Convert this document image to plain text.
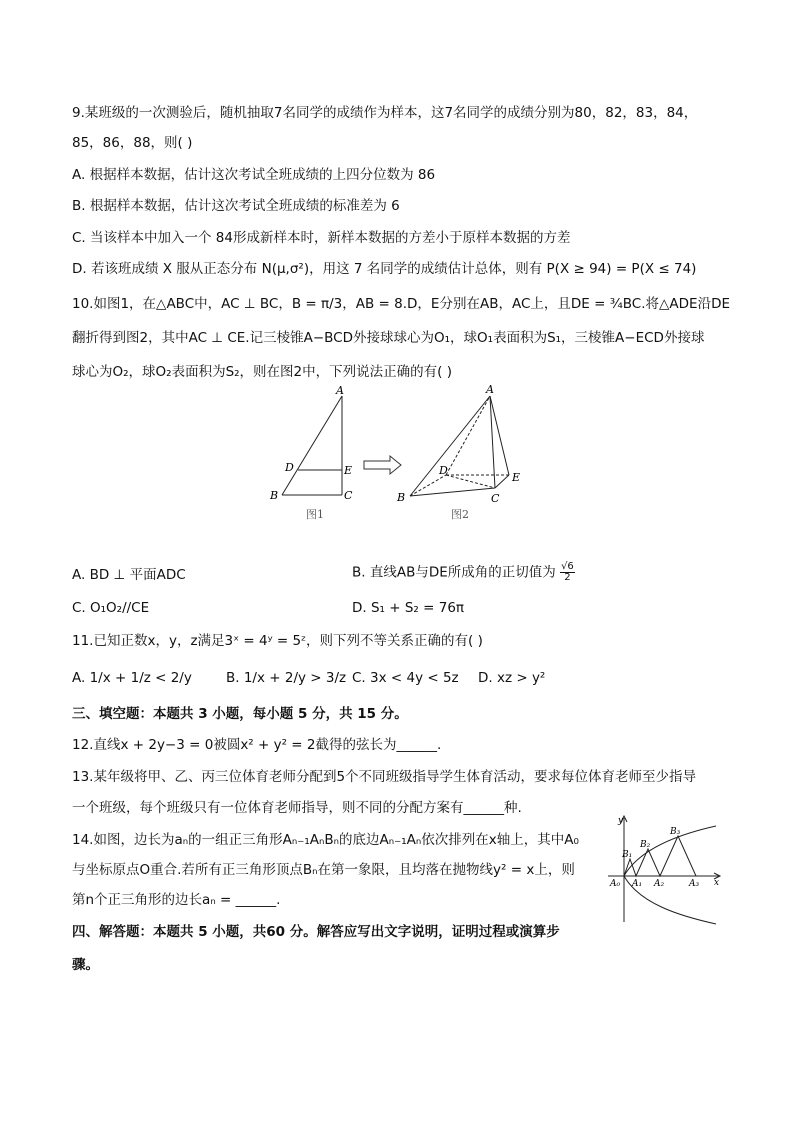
9.某班级的一次测验后，随机抽取7名同学的成绩作为样本，这7名同学的成绩分别为80，82，83，84，
85，86，88，则( )
A. 根据样本数据，估计这次考试全班成绩的上四分位数为 86
B. 根据样本数据，估计这次考试全班成绩的标准差为 6
C. 当该样本中加入一个 84形成新样本时，新样本数据的方差小于原样本数据的方差
D. 若该班成绩 X 服从正态分布 N(μ,σ²)，用这 7 名同学的成绩估计总体，则有 P(X ≥ 94) = P(X ≤ 74)
10.如图1，在△ABC中，AC ⊥ BC，B = π/3，AB = 8.D，E分别在AB，AC上，且DE = ¾BC.将△ADE沿DE
翻折得到图2，其中AC ⊥ CE.记三棱锥A−BCD外接球球心为O₁，球O₁表面积为S₁，三棱锥A−ECD外接球
球心为O₂，球O₂表面积为S₂，则在图2中，下列说法正确的有( )
A
B	C
D	E
图1
A
B	C
D
E
图2
A. BD ⊥ 平面ADC	B. 直线AB与DE所成角的正切值为 $\frac{√6}{2}$
C. O₁O₂//CE	D. S₁ + S₂ = 76π
11.已知正数x，y，z满足3ˣ = 4ʸ = 5ᶻ，则下列不等关系正确的有( )
A. 1/x + 1/z < 2/y	B. 1/x + 2/y > 3/z C. 3x < 4y < 5z D. xz > y²
三、填空题：本题共 3 小题，每小题 5 分，共 15 分。
12.直线x + 2y−3 = 0被圆x² + y² = 2截得的弦长为______.
13.某年级将甲、乙、丙三位体育老师分配到5个不同班级指导学生体育活动，要求每位体育老师至少指导
一个班级，每个班级只有一位体育老师指导，则不同的分配方案有______种.
14.如图，边长为aₙ的一组正三角形Aₙ₋₁AₙBₙ的底边Aₙ₋₁Aₙ依次排列在x轴上，其中A₀
与坐标原点O重合.若所有正三角形顶点Bₙ在第一象限，且均落在抛物线y² = x上，则
第n个正三角形的边长aₙ = ______.
y
x
A₀ A₁ A₂	A₃
B₁
B₂
B₃
四、解答题：本题共 5 小题，共60 分。解答应写出文字说明，证明过程或演算步
骤。
